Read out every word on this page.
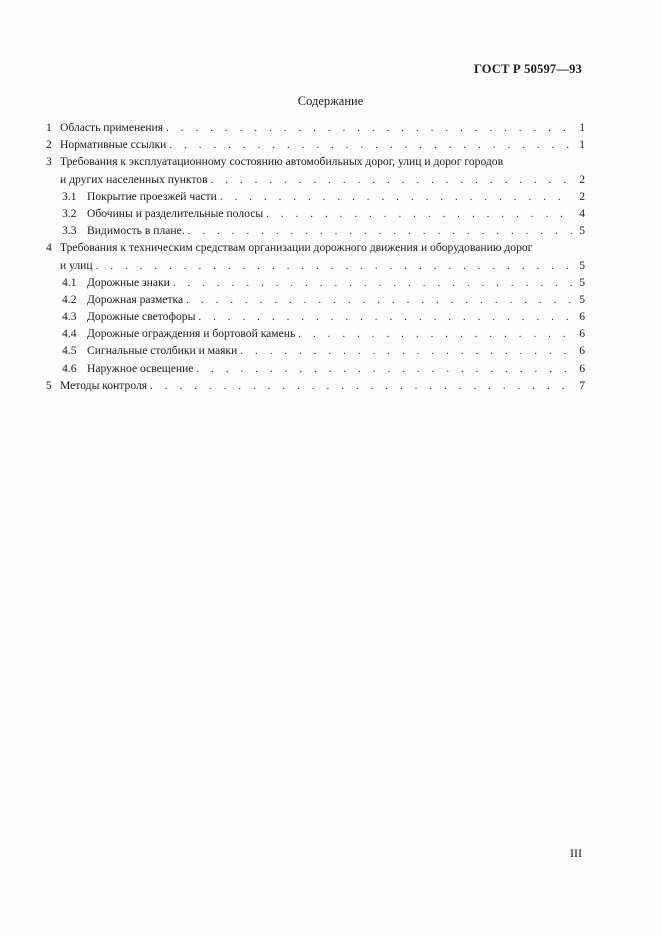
ГОСТ Р 50597—93
Содержание
1 Область применения . . .	1
2 Нормативные ссылки . . .	1
3 Требования к эксплуатационному состоянию автомобильных дорог, улиц и дорог городов
и других населенных пунктов . . .	2
3.1 Покрытие проезжей части . . .	2
3.2 Обочины и разделительные полосы . . .	4
3.3 Видимость в плане. . . .	5
4 Требования к техническим средствам организации дорожного движения и оборудованию дорог
и улиц . . .	5
4.1 Дорожные знаки . . .	5
4.2 Дорожная разметка . . .	5
4.3 Дорожные светофоры . . .	6
4.4 Дорожные ограждения и бортовой камень . . .	6
4.5 Сигнальные столбики и маяки . . .	6
4.6 Наружное освещение . . .	6
5 Методы контроля . . .	7
III
